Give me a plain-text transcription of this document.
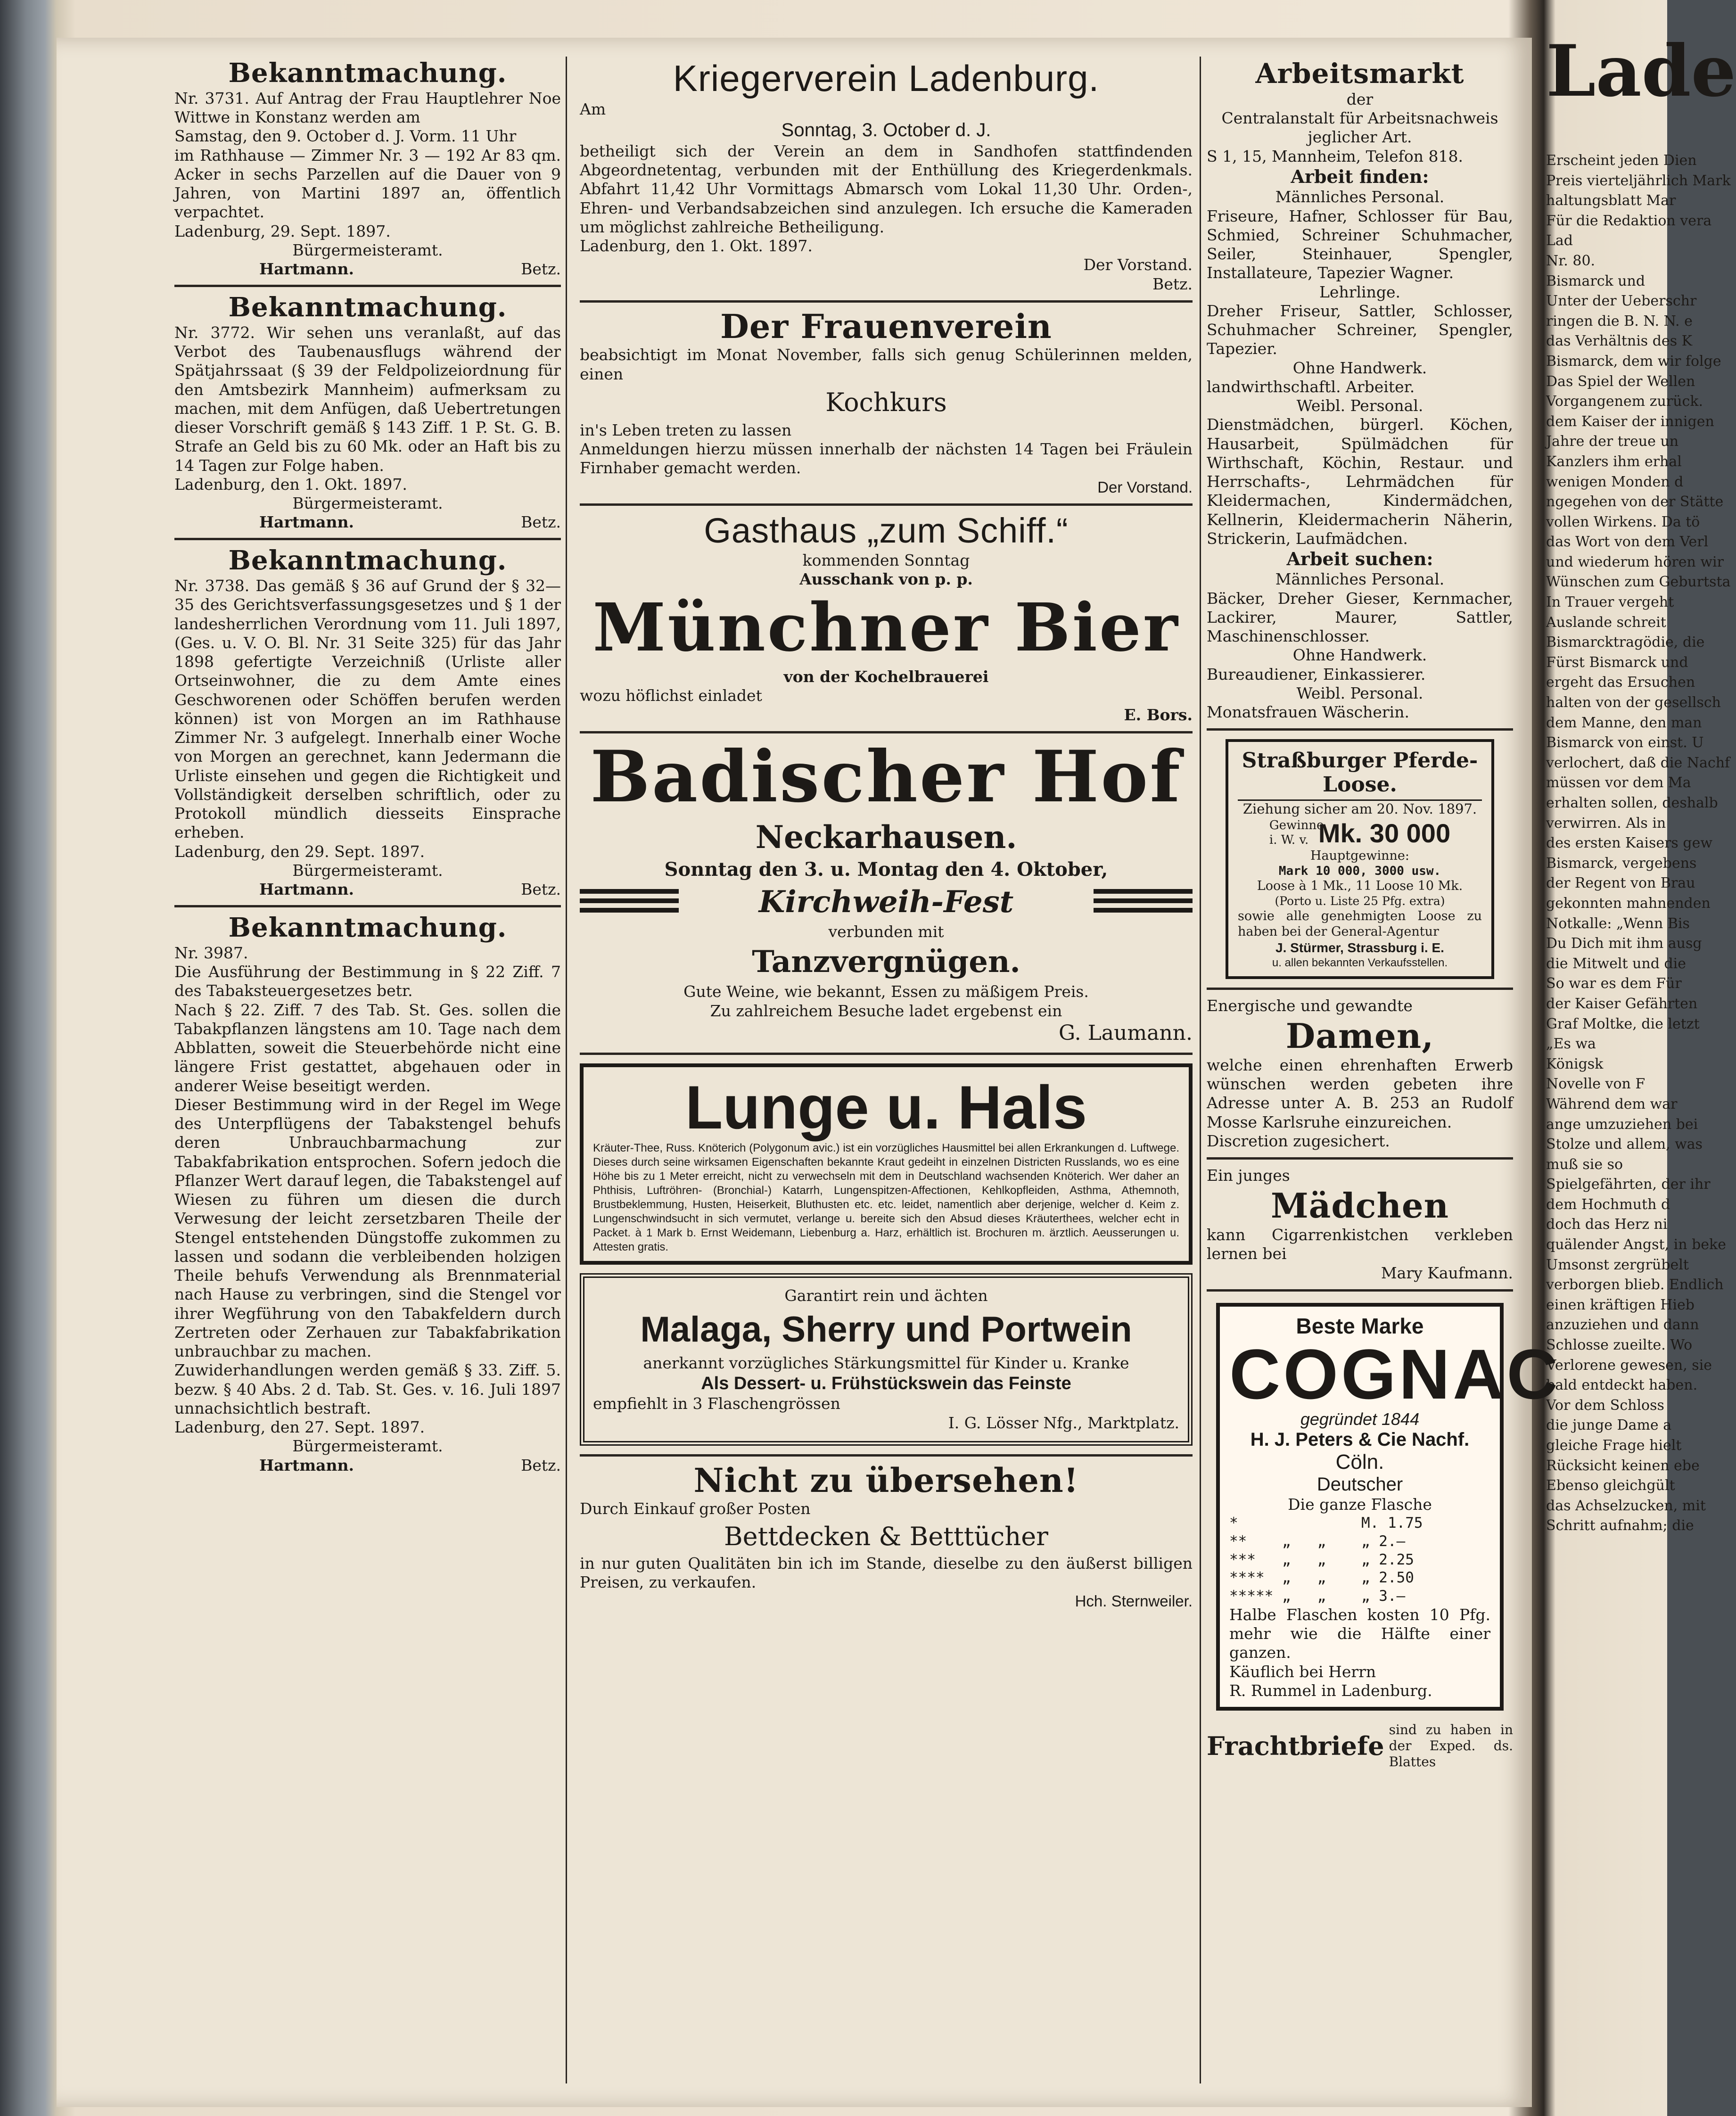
Bekanntmachung.

Nr. 3731. Auf Antrag der Frau Hauptlehrer Noe Wittwe in Konstanz werden am

Samstag, den 9. October d. J. Vorm. 11 Uhr

im Rathhause — Zimmer Nr. 3 — 192 Ar 83 qm. Acker in sechs Parzellen auf die Dauer von 9 Jahren, von Martini 1897 an, öffentlich verpachtet.

Ladenburg, 29. Sept. 1897.
Bürgermeisteramt.
Hartmann.	Betz.
Bekanntmachung.

Nr. 3772. Wir sehen uns veranlaßt, auf das Verbot des Taubenausflugs während der Spätjahrssaat (§ 39 der Feldpolizeiordnung für den Amtsbezirk Mannheim) aufmerksam zu machen, mit dem Anfügen, daß Uebertretungen dieser Vorschrift gemäß § 143 Ziff. 1 P. St. G. B. Strafe an Geld bis zu 60 Mk. oder an Haft bis zu 14 Tagen zur Folge haben.

Ladenburg, den 1. Okt. 1897.
Bürgermeisteramt.
Hartmann.	Betz.
Bekanntmachung.

Nr. 3738. Das gemäß § 36 auf Grund der § 32—35 des Gerichtsverfassungsgesetzes und § 1 der landesherrlichen Verordnung vom 11. Juli 1897, (Ges. u. V. O. Bl. Nr. 31 Seite 325) für das Jahr 1898 gefertigte Verzeichniß (Urliste aller Ortseinwohner, die zu dem Amte eines Geschworenen oder Schöffen berufen werden können) ist von Morgen an im Rathhause Zimmer Nr. 3 aufgelegt. Innerhalb einer Woche von Morgen an gerechnet, kann Jedermann die Urliste einsehen und gegen die Richtigkeit und Vollständigkeit derselben schriftlich, oder zu Protokoll mündlich diesseits Einsprache erheben.

Ladenburg, den 29. Sept. 1897.
Bürgermeisteramt.
Hartmann.	Betz.
Bekanntmachung.

Nr. 3987.

Die Ausführung der Bestimmung in § 22 Ziff. 7 des Tabaksteuergesetzes betr.

Nach § 22. Ziff. 7 des Tab. St. Ges. sollen die Tabakpflanzen längstens am 10. Tage nach dem Abblatten, soweit die Steuerbehörde nicht eine längere Frist gestattet, abgehauen oder in anderer Weise beseitigt werden.

Dieser Bestimmung wird in der Regel im Wege des Unterpflügens der Tabakstengel behufs deren Unbrauchbarmachung zur Tabakfabrikation entsprochen. Sofern jedoch die Pflanzer Wert darauf legen, die Tabakstengel auf Wiesen zu führen um diesen die durch Verwesung der leicht zersetzbaren Theile der Stengel entstehenden Düngstoffe zukommen zu lassen und sodann die verbleibenden holzigen Theile behufs Verwendung als Brennmaterial nach Hause zu verbringen, sind die Stengel vor ihrer Wegführung von den Tabakfeldern durch Zertreten oder Zerhauen zur Tabakfabrikation unbrauchbar zu machen.

Zuwiderhandlungen werden gemäß § 33. Ziff. 5. bezw. § 40 Abs. 2 d. Tab. St. Ges. v. 16. Juli 1897 unnachsichtlich bestraft.

Ladenburg, den 27. Sept. 1897.
Bürgermeisteramt.
Hartmann.	Betz.
Kriegerverein Ladenburg.
Am
Sonntag, 3. October d. J.

betheiligt sich der Verein an dem in Sandhofen stattfindenden Abgeordnetentag, verbunden mit der Enthüllung des Kriegerdenkmals. Abfahrt 11,42 Uhr Vormittags Abmarsch vom Lokal 11,30 Uhr. Orden-, Ehren- und Verbandsabzeichen sind anzulegen. Ich ersuche die Kameraden um möglichst zahlreiche Betheiligung.

Ladenburg, den 1. Okt. 1897.
Der Vorstand.
Betz.
Der Frauenverein

beabsichtigt im Monat November, falls sich genug Schülerinnen melden, einen

Kochkurs

in's Leben treten zu lassen

Anmeldungen hierzu müssen innerhalb der nächsten 14 Tagen bei Fräulein Firnhaber gemacht werden.

Der Vorstand.
Gasthaus „zum Schiff.“
kommenden Sonntag
Ausschank von p. p.
Münchner Bier
von der Kochelbrauerei
wozu höflichst einladet
E. Bors.
Badischer Hof
Neckarhausen.
Sonntag den 3. u. Montag den 4. Oktober,
Kirchweih-Fest
verbunden mit
Tanzvergnügen.
Gute Weine, wie bekannt, Essen zu mäßigem Preis.
Zu zahlreichem Besuche ladet ergebenst ein
G. Laumann.
Lunge u. Hals

Kräuter-Thee, Russ. Knöterich (Polygonum avic.) ist ein vorzügliches Hausmittel bei allen Erkrankungen d. Luftwege. Dieses durch seine wirksamen Eigenschaften bekannte Kraut gedeiht in einzelnen Districten Russlands, wo es eine Höhe bis zu 1 Meter erreicht, nicht zu verwechseln mit dem in Deutschland wachsenden Knöterich. Wer daher an Phthisis, Luftröhren- (Bronchial-) Katarrh, Lungenspitzen-Affectionen, Kehlkopfleiden, Asthma, Athemnoth, Brustbeklemmung, Husten, Heiserkeit, Bluthusten etc. etc. leidet, namentlich aber derjenige, welcher d. Keim z. Lungenschwindsucht in sich vermutet, verlange u. bereite sich den Absud dieses Kräuterthees, welcher echt in Packet. à 1 Mark b. Ernst Weidemann, Liebenburg a. Harz, erhältlich ist. Brochuren m. ärztlich. Aeusserungen u. Attesten gratis.

Garantirt rein und ächten
Malaga, Sherry und Portwein
anerkannt vorzügliches Stärkungsmittel für Kinder u. Kranke
Als Dessert- u. Frühstückswein das Feinste
empfiehlt in 3 Flaschengrössen
I. G. Lösser Nfg., Marktplatz.
Nicht zu übersehen!
Durch Einkauf großer Posten
Bettdecken & Betttücher

in nur guten Qualitäten bin ich im Stande, dieselbe zu den äußerst billigen Preisen, zu verkaufen.

Hch. Sternweiler.
Arbeitsmarkt
der
Centralanstalt für Arbeitsnachweis
jeglicher Art.
S 1, 15, Mannheim, Telefon 818.
Arbeit finden:
Männliches Personal.

Friseure, Hafner, Schlosser für Bau, Schmied, Schreiner Schuhmacher, Seiler, Steinhauer, Spengler, Installateure, Tapezier Wagner.

Lehrlinge.

Dreher Friseur, Sattler, Schlosser, Schuhmacher Schreiner, Spengler, Tapezier.

Ohne Handwerk.

landwirthschaftl. Arbeiter.

Weibl. Personal.

Dienstmädchen, bürgerl. Köchen, Hausarbeit, Spülmädchen für Wirthschaft, Köchin, Restaur. und Herrschafts-, Lehrmädchen für Kleidermachen, Kindermädchen, Kellnerin, Kleidermacherin Näherin, Strickerin, Laufmädchen.

Arbeit suchen:
Männliches Personal.

Bäcker, Dreher Gieser, Kernmacher, Lackirer, Maurer, Sattler, Maschinenschlosser.

Ohne Handwerk.

Bureaudiener, Einkassierer.

Weibl. Personal.

Monatsfrauen Wäscherin.

Straßburger Pferde-Loose.
Ziehung sicher am 20. Nov. 1897.
Gewinne i. W. v. Mk. 30 000
Hauptgewinne:
Mark 10 000, 3000 usw.
Loose à 1 Mk., 11 Loose 10 Mk.
(Porto u. Liste 25 Pfg. extra)
sowie alle genehmigten Loose zu haben bei der General-Agentur
J. Stürmer, Strassburg i. E.
u. allen bekannten Verkaufsstellen.
Energische und gewandte
Damen,

welche einen ehrenhaften Erwerb wünschen werden gebeten ihre Adresse unter A. B. 253 an Rudolf Mosse Karlsruhe einzureichen.

Discretion zugesichert.
Ein junges
Mädchen

kann Cigarrenkistchen verkleben lernen bei

Mary Kaufmann.
Beste Marke
COGNAC
gegründet 1844
H. J. Peters & Cie Nachf.
Cöln.
Deutscher
Die ganze Flasche
*              M. 1.75
**    „   „    „ 2.—
***   „   „    „ 2.25
****  „   „    „ 2.50
***** „   „    „ 3.—

Halbe Flaschen kosten 10 Pfg. mehr wie die Hälfte einer ganzen.

Käuflich bei Herrn
R. Rummel in Ladenburg.
Frachtbriefe
sind zu haben in der Exped. ds. Blattes
Lade
Erscheint jeden Dien
Preis vierteljährlich Mark
haltungsblatt Mar
Für die Redaktion vera
Lad
Nr. 80.
Bismarck und
Unter der Ueberschr
ringen die B. N. N. e
das Verhältnis des K
Bismarck, dem wir folge
Das Spiel der Wellen
Vorgangenem zurück.
dem Kaiser der innigen
Jahre der treue un
Kanzlers ihm erhal
wenigen Monden d
ngegehen von der Stätte
vollen Wirkens. Da tö
das Wort von dem Verl
und wiederum hören wir
Wünschen zum Geburtsta
In Trauer vergeht
Auslande schreit
Bismarcktragödie, die
Fürst Bismarck und
ergeht das Ersuchen
halten von der gesellsch
dem Manne, den man
Bismarck von einst. U
verlochert, daß die Nachf
müssen vor dem Ma
erhalten sollen, deshalb
verwirren. Als in
des ersten Kaisers gew
Bismarck, vergebens
der Regent von Brau
gekonnten mahnenden
Notkalle: „Wenn Bis
Du Dich mit ihm ausg
die Mitwelt und die
So war es dem Für
der Kaiser Gefährten
Graf Moltke, die letzt
„Es wa
Königsk
Novelle von F
Während dem war
ange umzuziehen bei
Stolze und allem, was
muß sie so
Spielgefährten, der ihr
dem Hochmuth d
doch das Herz ni
quälender Angst, in beke
Umsonst zergrübelt
verborgen blieb. Endlich
einen kräftigen Hieb
anzuziehen und dann
Schlosse zueilte. Wo
Verlorene gewesen, sie
bald entdeckt haben.
Vor dem Schloss
die junge Dame a
gleiche Frage hielt
Rücksicht keinen ebe
Ebenso gleichgült
das Achselzucken, mit
Schritt aufnahm; die
